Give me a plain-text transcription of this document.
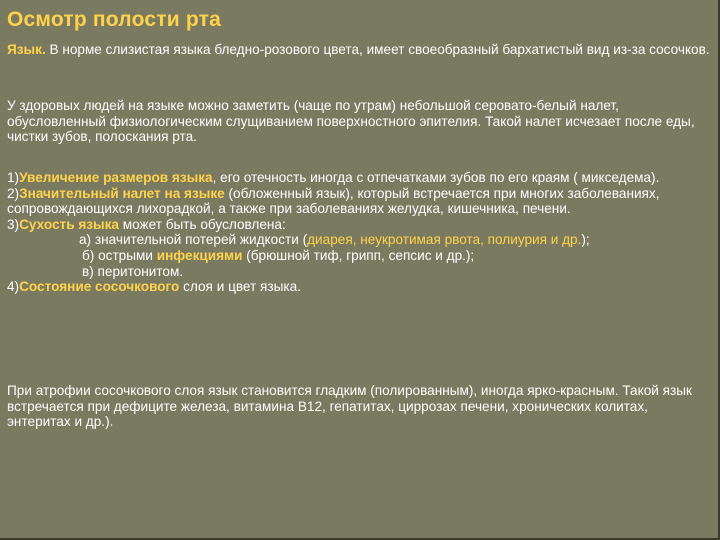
Осмотр полости рта
Язык. В норме слизистая языка бледно-розового цвета, имеет своеобразный бархатистый вид из-за сосочков.
У здоровых людей на языке можно заметить (чаще по утрам) небольшой серовато-белый налет, обусловленный физиологическим слущиванием поверхностного эпителия. Такой налет исчезает после еды, чистки зубов, полоскания рта.
1)Увеличение размеров языка, его отечность иногда с отпечатками зубов по его краям ( микседема).
2)Значительный налет на языке (обложенный язык), который встречается при многих заболеваниях, сопровождающихся лихорадкой, а также при заболеваниях желудка, кишечника, печени.
3)Сухость языка может быть обусловлена:
а) значительной потерей жидкости (диарея, неукротимая рвота, полиурия и др.);
б) острыми инфекциями (брюшной тиф, грипп, сепсис и др.);
в) перитонитом.
4)Состояние сосочкового слоя и цвет языка.
При атрофии сосочкового слоя язык становится гладким (полированным), иногда ярко-красным. Такой язык встречается при дефиците железа, витамина В12, гепатитах, циррозах печени, хронических колитах, энтеритах и др.).
